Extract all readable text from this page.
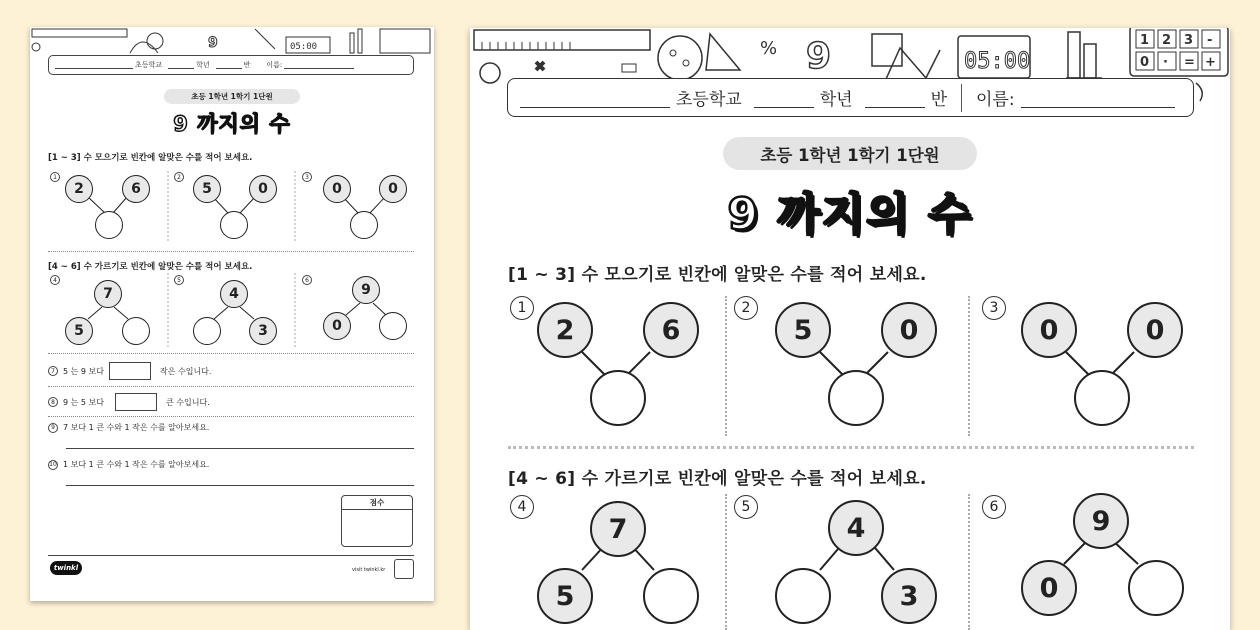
9	05:00
초등학교	학년	반 이름:
초등 1학년 1학기 1단원
9 까지의 수
[1 ~ 3] 수 모으기로 빈칸에 알맞은 수를 적어 보세요.
1
2	6
2
5	0
3
0	0
[4 ~ 6] 수 가르기로 빈칸에 알맞은 수를 적어 보세요.
4
7
5
5
4
3
6
9
0
7	5 는 9 보다	작은 수입니다.
8	9 는 5 보다	큰 수입니다.
9	7 보다 1 큰 수와 1 작은 수를 알아보세요.
10 1 보다 1 큰 수와 1 작은 수를 알아보세요.
점수
twinkl	visit twinkl.kr
% 9	05:00
1 2 3 -
0 · = +
초등학교	학년	반 이름:
초등 1학년 1학기 1단원
9 까지의 수
[1 ~ 3] 수 모으기로 빈칸에 알맞은 수를 적어 보세요.
1
2	6
2
5	0
3
0	0
[4 ~ 6] 수 가르기로 빈칸에 알맞은 수를 적어 보세요.
4
7
5
5
4
3
6	9
0
